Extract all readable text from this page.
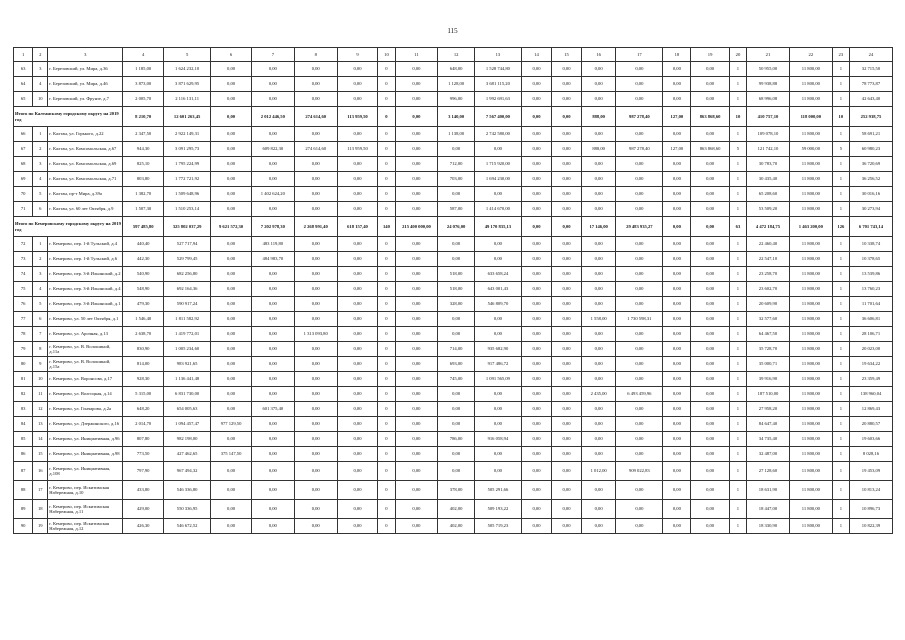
115
1	2	3	4	5	6	7	8	9	10	11	12	13	14	15	16	17	18	19	20	21	22	23	24
63	3	г. Березовский, ул. Мира, д.36	1 185,00	1 624 232,10	0,00	0,00	0,00	0,00	0	0,00	648,00	1 528 744,80	0,00	0,00	0,00	0,00	0,00	0,00	1	50 955,00	11 800,00	1	32 715,50
64	4	г. Березовский, ул. Мира, д.46	3 873,00	3 871 629,95	0,00	0,00	0,00	0,00	0	0,00	1 128,00	3 681 115,20	0,00	0,00	0,00	0,00	0,00	0,00	1	99 938,88	11 800,00	1	78 773,87
65	10	г. Березовский, ул. Фрунзе, д.7	2 005,70	2 116 131,11	0,00	0,00	0,00	0,00	0	0,00	996,00	1 992 691,63	0,00	0,00	0,00	0,00	0,00	0,00	1	68 996,08	11 800,00	1	42 643,40
Итого по Калтанскому городскому округу на 2019 год			8 210,70	12 601 263,45	0,00	2 012 446,50	274 614,60	113 959,50	0	0,00	3 140,00	7 567 400,00	0,00	0,00	888,00	987 278,40	127,00	863 868,60	10	410 757,10	118 000,00	10	252 938,75
66	1	г. Калтан, ул. Горького, д.22	2 347,50	2 922 149,31	0,00	0,00	0,00	0,00	0	0,00	1 138,00	2 742 580,00	0,00	0,00	0,00	0,00	0,00	0,00	1	109 078,10	11 800,00	1	58 691,21
67	2	г. Калтан, ул. Комсомольская, д.67	944,30	3 091 295,73	0,00	609 822,30	274 614,60	113 959,50	0	0,00	0,00	0,00	0,00	0,00	888,00	987 278,40	127,00	863 868,60	5	121 742,10	59 000,00	5	60 980,23
68	3	г. Калтан, ул. Комсомольская, д.69	825,10	1 795 224,99	0,00	0,00	0,00	0,00	0	0,00	712,00	1 715 920,00	0,00	0,00	0,00	0,00	0,00	0,00	1	30 783,70	11 800,00	1	36 720,69
69	4	г. Калтан, ул. Комсомольская, д.71	803,80	1 772 721,92	0,00	0,00	0,00	0,00	0	0,00	703,00	1 694 230,00	0,00	0,00	0,00	0,00	0,00	0,00	1	30 435,40	11 800,00	1	36 256,52
70	5	г. Калтан, пр-т Мира, д.39а	1 382,70	1 509 648,96	0,00	1 402 624,20	0,00	0,00	0	0,00	0,00	0,00	0,00	0,00	0,00	0,00	0,00	0,00	1	65 208,60	11 800,00	1	30 016,16
71	6	г. Калтан, ул. 60 лет Октября, д.9	1 507,30	1 510 253,14	0,00	0,00	0,00	0,00	0	0,00	587,00	1 414 670,00	0,00	0,00	0,00	0,00	0,00	0,00	1	53 509,20	11 800,00	1	30 273,94
Итого по Кемеровскому городскому округу на 2019 год			597 485,80	325 802 037,29	9 621 572,30	7 202 978,30	2 268 991,40	618 157,40	140	215 400 000,00	24 076,00	49 170 835,13	0,00	0,00	17 146,00	29 483 935,27	0,00	0,00	63	4 472 184,75	1 463 200,00	126	6 701 743,14
72	1	г. Кемерово, пер. 1-й Тульский, д.4	440,40	527 717,94	0,00	483 119,80	0,00	0,00	0	0,00	0,00	0,00	0,00	0,00	0,00	0,00	0,00	0,00	1	22 460,40	11 800,00	1	10 338,74
73	2	г. Кемерово, пер. 1-й Тульский, д.6	442,30	529 799,45	0,00	484 983,70	0,00	0,00	0	0,00	0,00	0,00	0,00	0,00	0,00	0,00	0,00	0,00	1	22 547,10	11 800,00	1	10 378,65
74	3	г. Кемерово, пер. 3-й Ильинский, д.2	540,90	682 256,80	0,00	0,00	0,00	0,00	0	0,00	518,00	633 658,24	0,00	0,00	0,00	0,00	0,00	0,00	1	23 258,70	11 800,00	1	13 539,86
75	4	г. Кемерово, пер. 3-й Ильинский, д.4	548,90	692 164,36	0,00	0,00	0,00	0,00	0	0,00	518,00	643 001,43	0,00	0,00	0,00	0,00	0,00	0,00	1	23 602,70	11 800,00	1	13 760,23
76	5	г. Кемерово, пер. 3-й Ильинский, д.1	479,30	590 917,24	0,00	0,00	0,00	0,00	0	0,00	328,00	546 809,70	0,00	0,00	0,00	0,00	0,00	0,00	1	20 609,90	11 800,00	1	11 701,64
77	6	г. Кемерово, ул. 50 лет Октября, д.1	1 546,40	1 811 582,92	0,00	0,00	0,00	0,00	0	0,00	0,00	0,00	0,00	0,00	1 558,00	1 730 598,31	0,00	0,00	1	32 577,60	11 800,00	1	36 606,81
78	7	г. Кемерово, ул. Арочная, д.13	2 638,70	1 419 772,01	0,00	0,00	1 313 093,80	0,00	0	0,00	0,00	0,00	0,00	0,00	0,00	0,00	0,00	0,00	1	64 467,50	11 800,00	1	28 106,71
79	8	г. Кемерово, ул. В. Волошиной, д.11а	830,90	1 005 234,60	0,00	0,00	0,00	0,00	0	0,00	714,00	935 682,90	0,00	0,00	0,00	0,00	0,00	0,00	1	35 728,70	11 800,00	1	20 023,00
80	9	г. Кемерово, ул. В. Волошиной, д.15а	814,00	983 921,65	0,00	0,00	0,00	0,00	0	0,00	693,00	917 486,72	0,00	0,00	0,00	0,00	0,00	0,00	1	35 000,71	11 800,00	1	19 634,22
81	10	г. Кемерово, ул. Воронсова, д.17	928,30	1 136 441,48	0,00	0,00	0,00	0,00	0	0,00	745,00	1 091 565,09	0,00	0,00	0,00	0,00	0,00	0,00	1	39 916,90	11 800,00	1	23 359,49
82	11	г. Кемерово, ул. Волгоцкая, д.14	5 315,00	6 831 730,00	0,00	0,00	0,00	0,00	0	0,00	0,00	0,00	0,00	0,00	2 435,00	6 493 459,96	0,00	0,00	1	187 510,00	11 800,00	1	138 960,04
83	12	г. Кемерово, ул. Гончарова, д.2а	648,20	654 005,63	0,00	601 375,40	0,00	0,00	0	0,00	0,00	0,00	0,00	0,00	0,00	0,00	0,00	0,00	1	27 958,20	11 800,00	1	12 869,43
84	13	г. Кемерово, ул. Дзержинского, д.16	2 014,70	1 094 457,47	977 129,50	0,00	0,00	0,00	0	0,00	0,00	0,00	0,00	0,00	0,00	0,00	0,00	0,00	1	84 647,40	11 800,00	1	20 880,57
85	14	г. Кемерово, ул. Инициативная, д.96	807,80	982 198,00	0,00	0,00	0,00	0,00	0	0,00	786,00	916 058,94	0,00	0,00	0,00	0,00	0,00	0,00	1	34 735,40	11 800,00	1	19 603,66
86	15	г. Кемерово, ул. Инициативная, д.98	773,50	427 462,65	375 147,50	0,00	0,00	0,00	0	0,00	0,00	0,00	0,00	0,00	0,00	0,00	0,00	0,00	1	32 487,00	11 800,00	1	8 028,16
87	16	г. Кемерово, ул. Инициативная, д.108	797,90	967 494,32	0,00	0,00	0,00	0,00	0	0,00	0,00	0,00	0,00	0,00	1 012,00	909 022,83	0,00	0,00	1	27 128,60	11 800,00	1	19 453,09
88	17	г. Кемерово, пер. Искитимская Набережная, д.10	433,80	546 336,80	0,00	0,00	0,00	0,00	0	0,00	378,00	505 291,66	0,00	0,00	0,00	0,00	0,00	0,00	1	18 631,90	11 800,00	1	10 813,24
89	18	г. Кемерово, пер. Искитимская Набережная, д.11	429,00	550 336,95	0,00	0,00	0,00	0,00	0	0,00	402,00	509 193,22	0,00	0,00	0,00	0,00	0,00	0,00	1	18 447,00	11 800,00	1	10 896,73
90	19	г. Кемерово, пер. Искитимская Набережная, д.12	426,30	546 672,52	0,00	0,00	0,00	0,00	0	0,00	402,00	505 719,23	0,00	0,00	0,00	0,00	0,00	0,00	1	18 330,90	11 800,00	1	10 822,39
